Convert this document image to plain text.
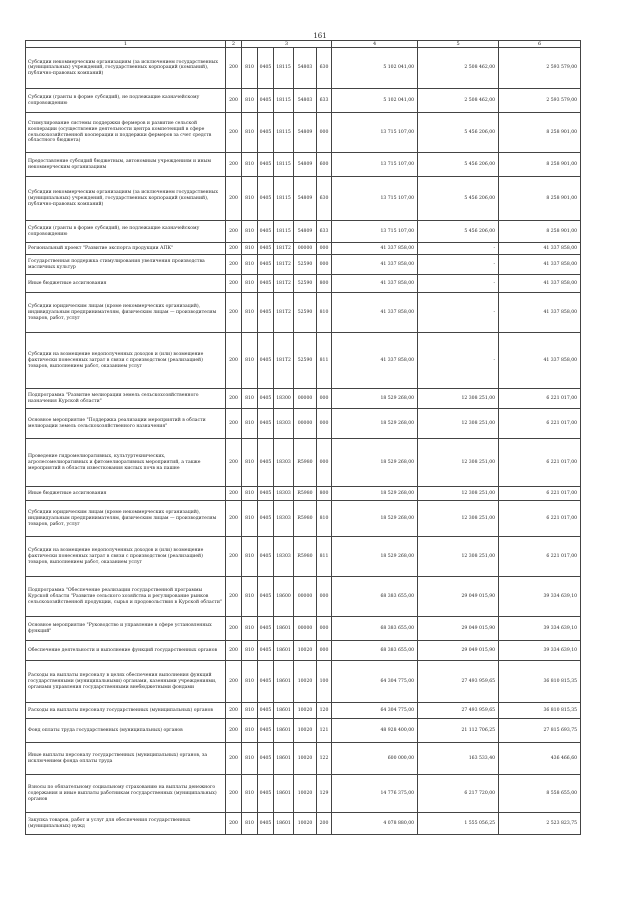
161
1	2	3					4	5	6
Субсидии некоммерческим организациям (за исключением государственных (муниципальных) учреждений, государственных корпораций (компаний), публично-правовых компаний)	200	810	0405	18115	54803	630	5 102 041,00	2 508 462,00	2 593 579,00
Субсидии (гранты в форме субсидий), не подлежащие казначейскому сопровождению	200	810	0405	18115	54803	633	5 102 041,00	2 508 462,00	2 593 579,00
Стимулирование системы поддержки фермеров и развитие сельской кооперации (осуществление деятельности центра компетенций в сфере сельскохозяйственной кооперации и поддержки фермеров за счет средств областного бюджета)	200	810	0405	18115	54809	000	13 715 107,00	5 456 206,00	8 258 901,00
Предоставление субсидий бюджетным, автономным учреждениям и иным некоммерческим организациям	200	810	0405	18115	54809	600	13 715 107,00	5 456 206,00	8 258 901,00
Субсидии некоммерческим организациям (за исключением государственных (муниципальных) учреждений, государственных корпораций (компаний), публично-правовых компаний)	200	810	0405	18115	54809	630	13 715 107,00	5 456 206,00	8 258 901,00
Субсидии (гранты в форме субсидий), не подлежащие казначейскому сопровождению	200	810	0405	18115	54809	633	13 715 107,00	5 456 206,00	8 258 901,00
Региональный проект "Развитие экспорта продукции АПК"	200	810	0405	181T2	00000	000	41 337 858,00	-	41 337 858,00
Государственная поддержка стимулирования увеличения производства масличных культур	200	810	0405	181T2	52590	000	41 337 858,00	-	41 337 858,00
Иные бюджетные ассигнования	200	810	0405	181T2	52590	800	41 337 858,00	-	41 337 858,00
Субсидии юридическим лицам (кроме некоммерческих организаций), индивидуальным предпринимателям, физическим лицам — производителям товаров, работ, услуг	200	810	0405	181T2	52590	810	41 337 858,00	-	41 337 858,00
Субсидии на возмещение недополученных доходов и (или) возмещение фактически понесенных затрат в связи с производством (реализацией) товаров, выполнением работ, оказанием услуг	200	810	0405	181T2	52590	811	41 337 858,00	-	41 337 858,00
Подпрограмма "Развитие мелиорации земель сельскохозяйственного назначения Курской области"	200	810	0405	18300	00000	000	18 529 268,00	12 308 251,00	6 221 017,00
Основное мероприятие "Поддержка реализации мероприятий в области мелиорации земель сельскохозяйственного назначения"	200	810	0405	18303	00000	000	18 529 268,00	12 308 251,00	6 221 017,00
Проведение гидромелиоративных, культуртехнических, агролесомелиоративных и фитомелиоративных мероприятий, а также мероприятий в области известкования кислых почв на пашне	200	810	0405	18303	R5980	000	18 529 268,00	12 308 251,00	6 221 017,00
Иные бюджетные ассигнования	200	810	0405	18303	R5980	800	18 529 268,00	12 308 251,00	6 221 017,00
Субсидии юридическим лицам (кроме некоммерческих организаций), индивидуальным предпринимателям, физическим лицам — производителям товаров, работ, услуг	200	810	0405	18303	R5980	810	18 529 268,00	12 308 251,00	6 221 017,00
Субсидии на возмещение недополученных доходов и (или) возмещение фактически понесенных затрат в связи с производством (реализацией) товаров, выполнением работ, оказанием услуг	200	810	0405	18303	R5980	811	18 529 268,00	12 308 251,00	6 221 017,00
Подпрограмма "Обеспечение реализации государственной программы Курской области "Развитие сельского хозяйства и регулирование рынков сельскохозяйственной продукции, сырья и продовольствия в Курской области"	200	810	0405	18600	00000	000	68 383 655,00	29 049 015,90	39 334 639,10
Основное мероприятие "Руководство и управление в сфере установленных функций"	200	810	0405	18601	00000	000	68 383 655,00	29 049 015,90	39 334 639,10
Обеспечение деятельности и выполнение функций государственных органов	200	810	0405	18601	10020	000	68 383 655,00	29 049 015,90	39 334 639,10
Расходы на выплаты персоналу в целях обеспечения выполнения функций государственными (муниципальными) органами, казенными учреждениями, органами управления государственными внебюджетными фондами	200	810	0405	18601	10020	100	64 304 775,00	27 493 959,65	36 810 815,35
Расходы на выплаты персоналу государственных (муниципальных) органов	200	810	0405	18601	10020	120	64 304 775,00	27 493 959,65	36 810 815,35
Фонд оплаты труда государственных (муниципальных) органов	200	810	0405	18601	10020	121	48 928 400,00	21 112 706,25	27 815 693,75
Иные выплаты персоналу государственных (муниципальных) органов, за исключением фонда оплаты труда	200	810	0405	18601	10020	122	600 000,00	163 533,40	436 466,60
Взносы по обязательному социальному страхованию на выплаты денежного содержания и иные выплаты работникам государственных (муниципальных) органов	200	810	0405	18601	10020	129	14 776 375,00	6 217 720,00	8 558 655,00
Закупка товаров, работ и услуг для обеспечения государственных (муниципальных) нужд	200	810	0405	18601	10020	200	4 078 880,00	1 555 056,25	2 523 823,75
